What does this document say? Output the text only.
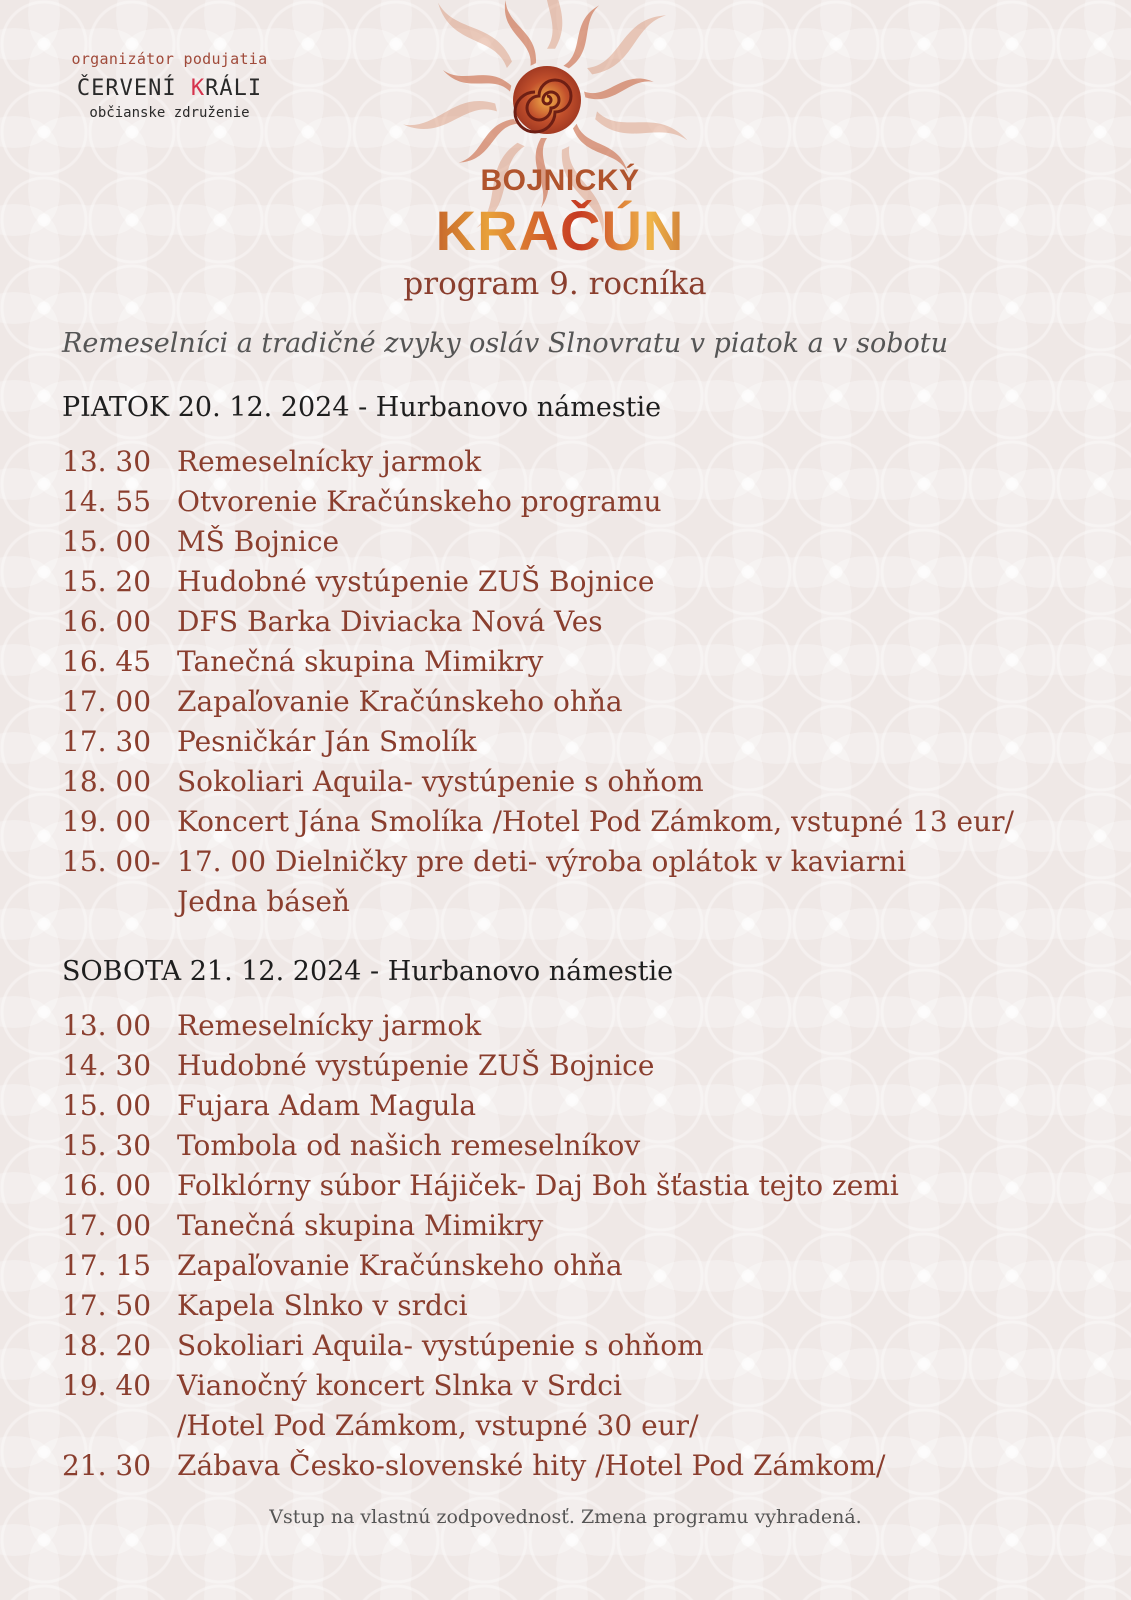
organizátor podujatia
ČERVENÍ KRÁLI
občianske združenie
BOJNICKÝ
KRAČÚN
program 9. rocníka
Remeselníci a tradičné zvyky osláv Slnovratu v piatok a v sobotu
PIATOK 20. 12. 2024 - Hurbanovo námestie
13. 30 Remeselnícky jarmok
14. 55 Otvorenie Kračúnskeho programu
15. 00 MŠ Bojnice
15. 20 Hudobné vystúpenie ZUŠ Bojnice
16. 00 DFS Barka Diviacka Nová Ves
16. 45 Tanečná skupina Mimikry
17. 00 Zapaľovanie Kračúnskeho ohňa
17. 30 Pesničkár Ján Smolík
18. 00 Sokoliari Aquila- vystúpenie s ohňom
19. 00 Koncert Jána Smolíka /Hotel Pod Zámkom, vstupné 13 eur/
15. 00- 17. 00 Dielničky pre deti- výroba oplátok v kaviarni
Jedna báseň
SOBOTA 21. 12. 2024 - Hurbanovo námestie
13. 00 Remeselnícky jarmok
14. 30 Hudobné vystúpenie ZUŠ Bojnice
15. 00 Fujara Adam Magula
15. 30 Tombola od našich remeselníkov
16. 00 Folklórny súbor Hájiček- Daj Boh šťastia tejto zemi
17. 00 Tanečná skupina Mimikry
17. 15 Zapaľovanie Kračúnskeho ohňa
17. 50 Kapela Slnko v srdci
18. 20 Sokoliari Aquila- vystúpenie s ohňom
19. 40 Vianočný koncert Slnka v Srdci
/Hotel Pod Zámkom, vstupné 30 eur/
21. 30 Zábava Česko-slovenské hity /Hotel Pod Zámkom/
Vstup na vlastnú zodpovednosť. Zmena programu vyhradená.
